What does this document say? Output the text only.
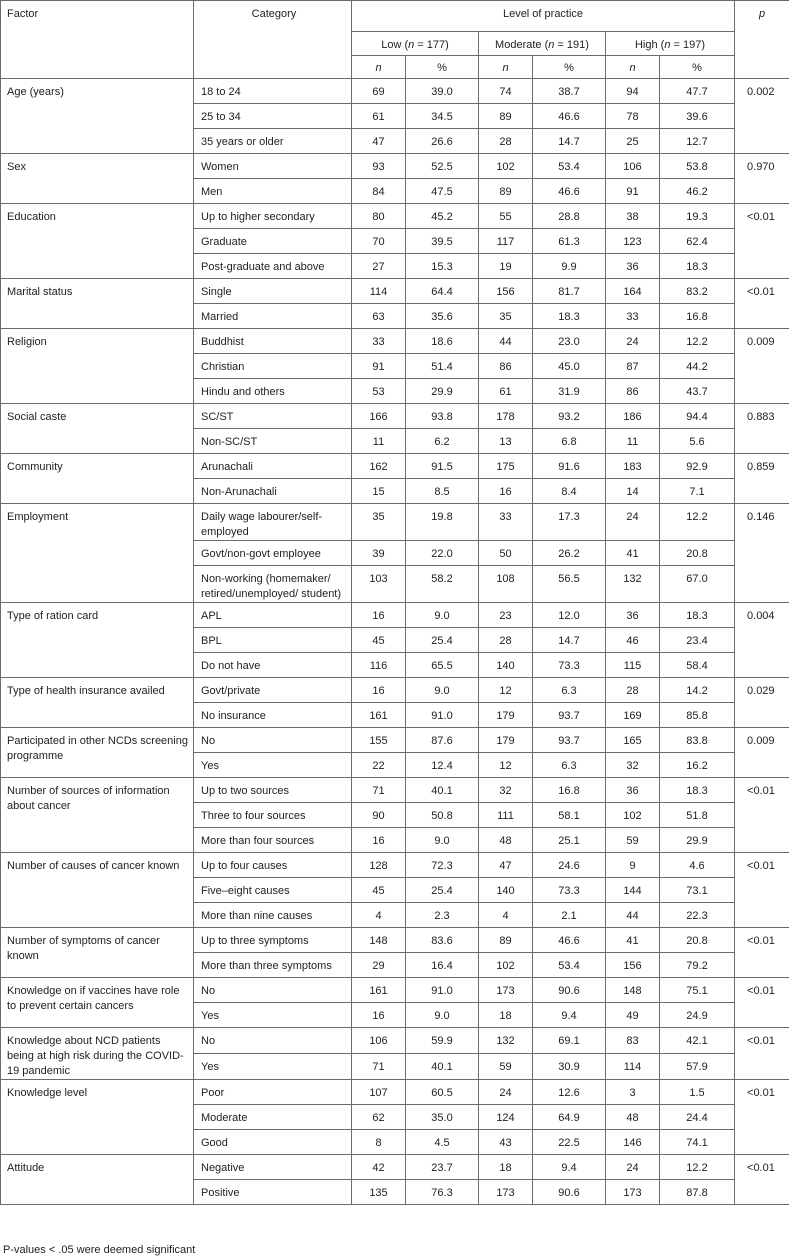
Factor	Category	Level of practice						p
		Low (n = 177)		Moderate (n = 191)		High (n = 197)		
		n	%	n	%	n	%	
Age (years)	18 to 24	69	39.0	74	38.7	94	47.7	0.002
	25 to 34	61	34.5	89	46.6	78	39.6	
	35 years or older	47	26.6	28	14.7	25	12.7	
Sex	Women	93	52.5	102	53.4	106	53.8	0.970
	Men	84	47.5	89	46.6	91	46.2	
Education	Up to higher secondary	80	45.2	55	28.8	38	19.3	<0.01
	Graduate	70	39.5	117	61.3	123	62.4	
	Post-graduate and above	27	15.3	19	9.9	36	18.3	
Marital status	Single	114	64.4	156	81.7	164	83.2	<0.01
	Married	63	35.6	35	18.3	33	16.8	
Religion	Buddhist	33	18.6	44	23.0	24	12.2	0.009
	Christian	91	51.4	86	45.0	87	44.2	
	Hindu and others	53	29.9	61	31.9	86	43.7	
Social caste	SC/ST	166	93.8	178	93.2	186	94.4	0.883
	Non-SC/ST	11	6.2	13	6.8	11	5.6	
Community	Arunachali	162	91.5	175	91.6	183	92.9	0.859
	Non-Arunachali	15	8.5	16	8.4	14	7.1	
Employment	Daily wage labourer/self-employed	35	19.8	33	17.3	24	12.2	0.146
	Govt/non-govt employee	39	22.0	50	26.2	41	20.8	
	Non-working (homemaker/ retired/unemployed/ student)	103	58.2	108	56.5	132	67.0	
Type of ration card	APL	16	9.0	23	12.0	36	18.3	0.004
	BPL	45	25.4	28	14.7	46	23.4	
	Do not have	116	65.5	140	73.3	115	58.4	
Type of health insurance availed	Govt/private	16	9.0	12	6.3	28	14.2	0.029
	No insurance	161	91.0	179	93.7	169	85.8	
Participated in other NCDs screening programme	No	155	87.6	179	93.7	165	83.8	0.009
	Yes	22	12.4	12	6.3	32	16.2	
Number of sources of information about cancer	Up to two sources	71	40.1	32	16.8	36	18.3	<0.01
	Three to four sources	90	50.8	111	58.1	102	51.8	
	More than four sources	16	9.0	48	25.1	59	29.9	
Number of causes of cancer known	Up to four causes	128	72.3	47	24.6	9	4.6	<0.01
	Five–eight causes	45	25.4	140	73.3	144	73.1	
	More than nine causes	4	2.3	4	2.1	44	22.3	
Number of symptoms of cancer known	Up to three symptoms	148	83.6	89	46.6	41	20.8	<0.01
	More than three symptoms	29	16.4	102	53.4	156	79.2	
Knowledge on if vaccines have role to prevent certain cancers	No	161	91.0	173	90.6	148	75.1	<0.01
	Yes	16	9.0	18	9.4	49	24.9	
Knowledge about NCD patients being at high risk during the COVID-19 pandemic	No	106	59.9	132	69.1	83	42.1	<0.01
	Yes	71	40.1	59	30.9	114	57.9	
Knowledge level	Poor	107	60.5	24	12.6	3	1.5	<0.01
	Moderate	62	35.0	124	64.9	48	24.4	
	Good	8	4.5	43	22.5	146	74.1	
Attitude	Negative	42	23.7	18	9.4	24	12.2	<0.01
	Positive	135	76.3	173	90.6	173	87.8	
P-values < .05 were deemed significant
